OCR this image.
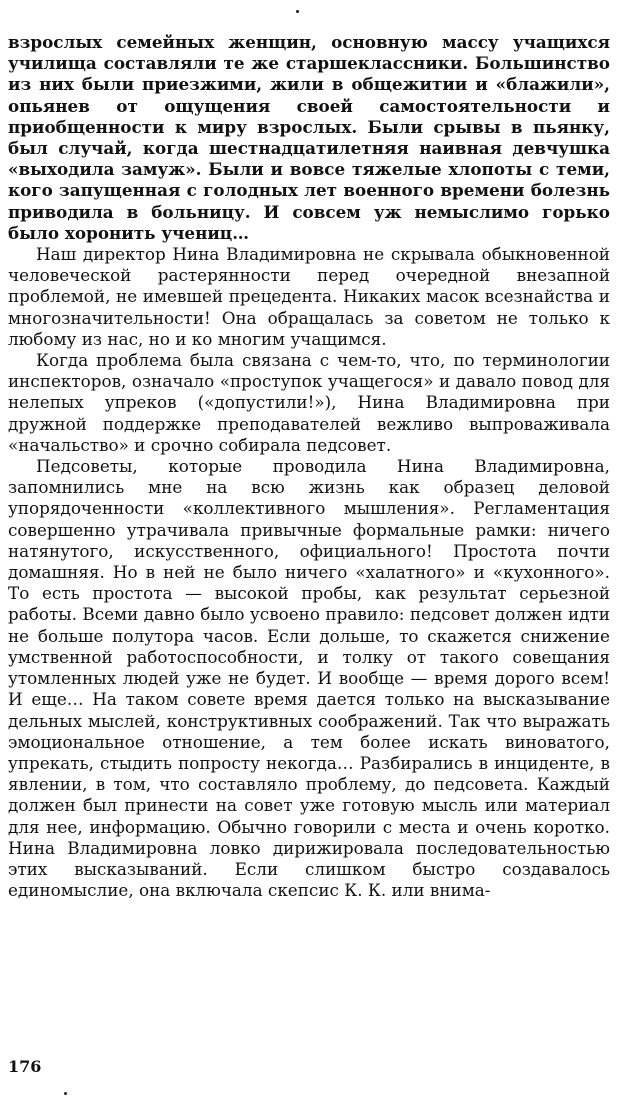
взрослых семейных женщин, основную массу учащихся училища составляли те же старшеклассники. Большинство из них были приезжими, жили в общежитии и «блажили», опьянев от ощущения своей самостоятельности и приобщенности к миру взрослых. Были срывы в пьянку, был случай, когда шестнадцатилетняя наивная девчушка «выходила замуж». Были и вовсе тяжелые хлопоты с теми, кого запущенная с голодных лет военного времени болезнь приводила в больницу. И совсем уж немыслимо горько было хоронить учениц…

Наш директор Нина Владимировна не скрывала обыкновенной человеческой растерянности перед очередной внезапной проблемой, не имевшей прецедента. Никаких масок всезнайства и многозначительности! Она обращалась за советом не только к любому из нас, но и ко многим учащимся.

Когда проблема была связана с чем-то, что, по терминологии инспекторов, означало «проступок учащегося» и давало повод для нелепых упреков («допустили!»), Нина Владимировна при дружной поддержке преподавателей вежливо выпроваживала «начальство» и срочно собирала педсовет.

Педсоветы, которые проводила Нина Владимировна, запомнились мне на всю жизнь как образец деловой упорядоченности «коллективного мышления». Регламентация совершенно утрачивала привычные формальные рамки: ничего натянутого, искусственного, официального! Простота почти домашняя. Но в ней не было ничего «халатного» и «кухонного». То есть простота — высокой пробы, как результат серьезной работы. Всеми давно было усвоено правило: педсовет должен идти не больше полутора часов. Если дольше, то скажется снижение умственной работоспособности, и толку от такого совещания утомленных людей уже не будет. И вообще — время дорого всем! И еще… На таком совете время дается только на высказывание дельных мыслей, конструктивных соображений. Так что выражать эмоциональное отношение, а тем более искать виноватого, упрекать, стыдить попросту некогда… Разбирались в инциденте, в явлении, в том, что составляло проблему, до педсовета. Каждый должен был принести на совет уже готовую мысль или материал для нее, информацию. Обычно говорили с места и очень коротко. Нина Владимировна ловко дирижировала последовательностью этих высказываний. Если слишком быстро создавалось единомыслие, она включала скепсис К. К. или внима-

176
